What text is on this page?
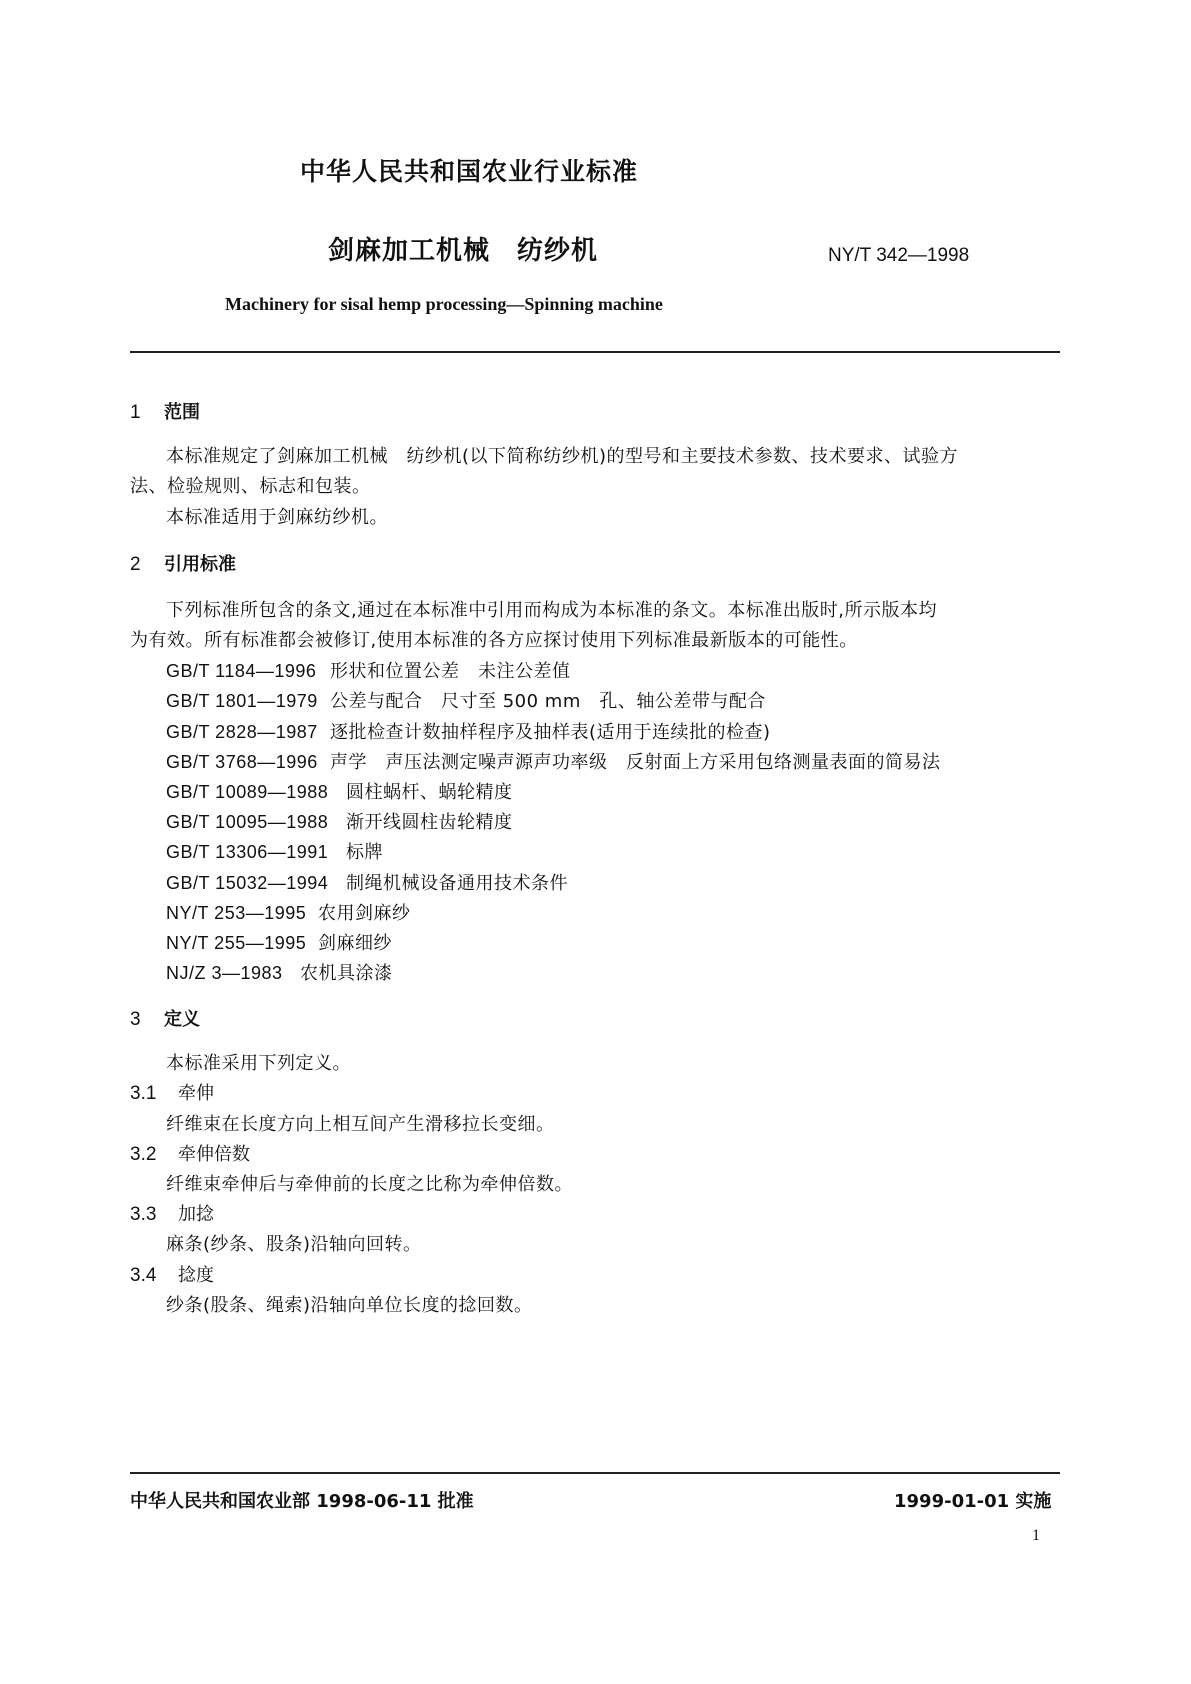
中华人民共和国农业行业标准
剑麻加工机械　纺纱机	NY/T 342—1998
Machinery for sisal hemp processing—Spinning machine
1 范围
本标准规定了剑麻加工机械　纺纱机(以下简称纺纱机)的型号和主要技术参数、技术要求、试验方
法、检验规则、标志和包装。
本标准适用于剑麻纺纱机。
2 引用标准
下列标准所包含的条文,通过在本标准中引用而构成为本标准的条文。本标准出版时,所示版本均
为有效。所有标准都会被修订,使用本标准的各方应探讨使用下列标准最新版本的可能性。
GB/T 1184—1996 形状和位置公差　未注公差值
GB/T 1801—1979 公差与配合　尺寸至 500 mm　孔、轴公差带与配合
GB/T 2828—1987 逐批检查计数抽样程序及抽样表(适用于连续批的检查)
GB/T 3768—1996 声学　声压法测定噪声源声功率级　反射面上方采用包络测量表面的简易法
GB/T 10089—1988 圆柱蜗杆、蜗轮精度
GB/T 10095—1988 渐开线圆柱齿轮精度
GB/T 13306—1991 标牌
GB/T 15032—1994 制绳机械设备通用技术条件
NY/T 253—1995 农用剑麻纱
NY/T 255—1995 剑麻细纱
NJ/Z 3—1983 农机具涂漆
3 定义
本标准采用下列定义。
3.1 牵伸
纤维束在长度方向上相互间产生滑移拉长变细。
3.2 牵伸倍数
纤维束牵伸后与牵伸前的长度之比称为牵伸倍数。
3.3 加捻
麻条(纱条、股条)沿轴向回转。
3.4 捻度
纱条(股条、绳索)沿轴向单位长度的捻回数。
中华人民共和国农业部 1998-06-11 批准	1999-01-01 实施
1
